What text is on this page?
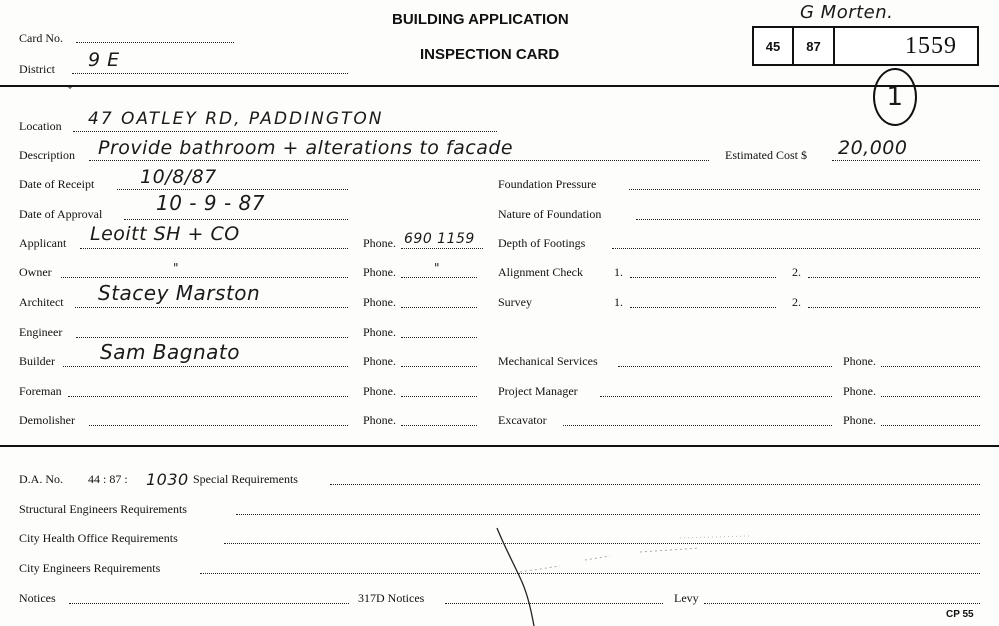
Card No.
District 9 E
BUILDING APPLICATION
INSPECTION CARD
G Morten.
45 87	1559
1
ˇ
Location 47 OATLEY RD, PADDINGTON
Description Provide bathroom + alterations to facade	Estimated Cost $ 20,000
Date of Receipt 10/8/87	Foundation Pressure
Date of Approval	10 - 9 - 87	Nature of Foundation
Applicant Leoitt SH + CO	Phone. 690 1159 Depth of Footings
Owner	"	Phone.	"	Alignment Check	1.	2.
Architect Stacey Marston	Phone.	Survey	1.	2.
Engineer	Phone.
Builder Sam Bagnato	Phone.	Mechanical Services	Phone.
Foreman	Phone.	Project Manager	Phone.
Demolisher	Phone.	Excavator	Phone.
D.A. No. 44 : 87 : 1030 Special Requirements
Structural Engineers Requirements
City Health Office Requirements
City Engineers Requirements
Notices	317D Notices	Levy
CP 55
